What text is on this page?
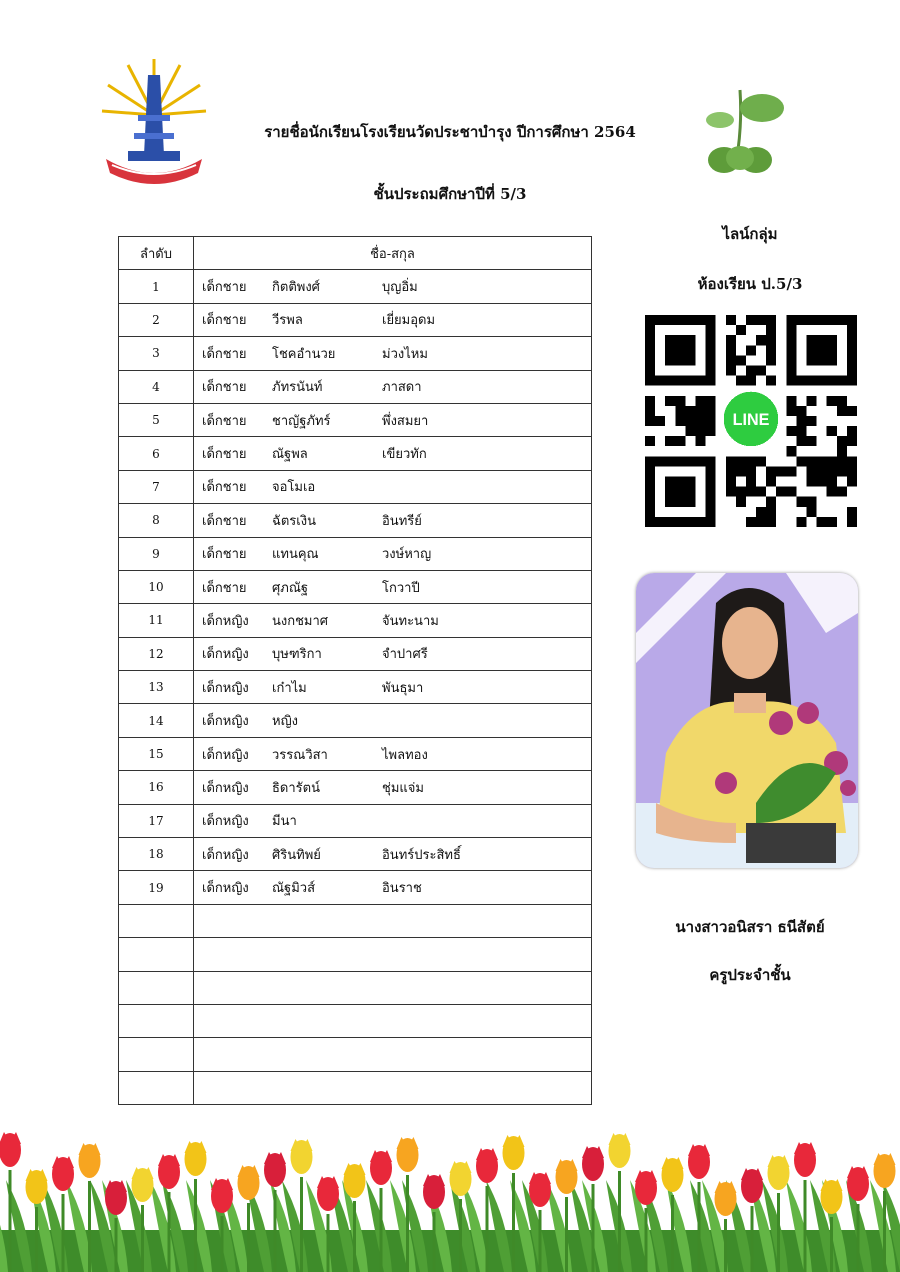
รายชื่อนักเรียนโรงเรียนวัดประชาบำรุง ปีการศึกษา 2564
ชั้นประถมศึกษาปีที่ 5/3
ไลน์กลุ่ม
ห้องเรียน ป.5/3
LINE
นางสาวอนิสรา ธนีสัตย์
ครูประจำชั้น
ลำดับ	ชื่อ-สกุล
1	เด็กชาย กิตติพงศ์ บุญอิ่ม
2	เด็กชาย วีรพล เยี่ยมอุดม
3	เด็กชาย โชคอำนวย ม่วงไหม
4	เด็กชาย ภัทรนันท์ ภาสดา
5	เด็กชาย ชาญัฐภัทร์ พึ่งสมยา
6	เด็กชาย ณัฐพล เขียวทัก
7	เด็กชาย จอโมเอ
8	เด็กชาย ฉัตรเงิน อินทรีย์
9	เด็กชาย แทนคุณ วงษ์หาญ
10	เด็กชาย ศุภณัฐ โกวาปี
11	เด็กหญิง นงกชมาศ จันทะนาม
12	เด็กหญิง บุษฑริกา จำปาศรี
13	เด็กหญิง เก๋าไม พันธุมา
14	เด็กหญิง หญิง
15	เด็กหญิง วรรณวิสา ไพลทอง
16	เด็กหญิง ธิดารัตน์ ชุ่มแจ่ม
17	เด็กหญิง มีนา
18	เด็กหญิง ศิรินทิพย์ อินทร์ประสิทธิ์
19	เด็กหญิง ณัฐมิวส์ อินราช
